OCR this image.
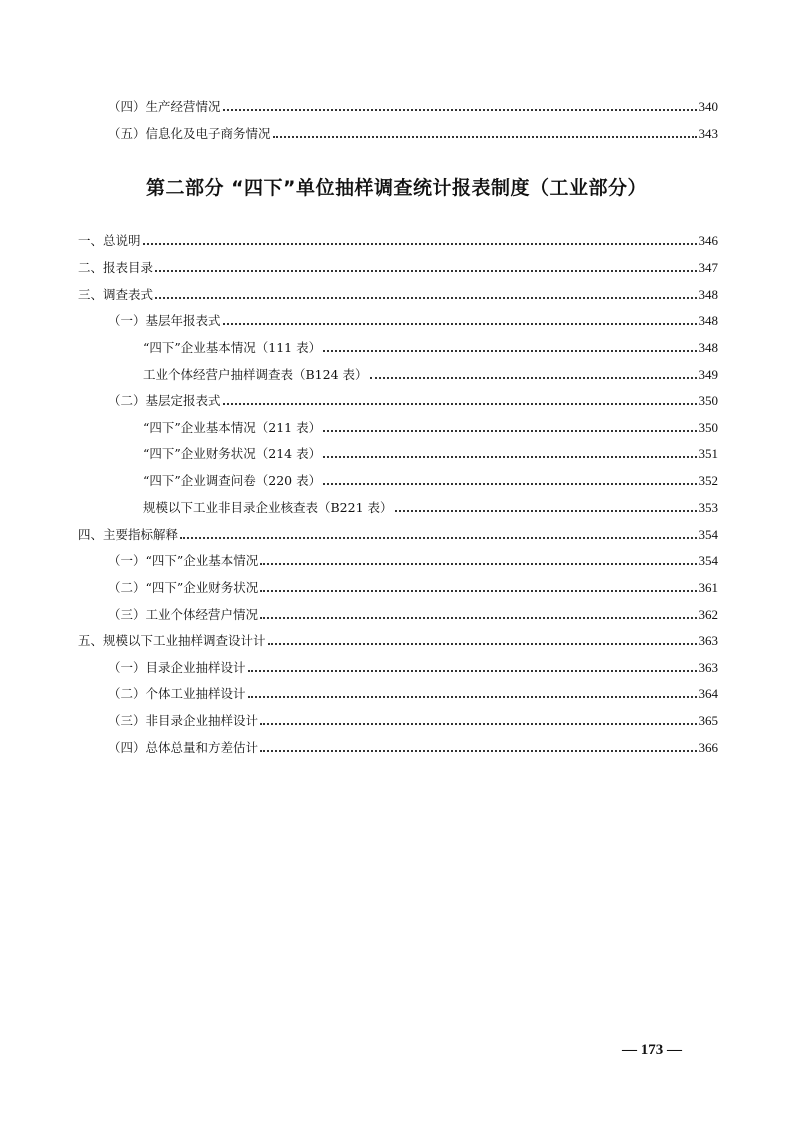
（四）生产经营情况	340
（五）信息化及电子商务情况	343
第二部分 “四下”单位抽样调查统计报表制度（工业部分）
一、总说明	346
二、报表目录	347
三、调查表式	348
（一）基层年报表式	348
“四下”企业基本情况（111 表）	348
工业个体经营户抽样调查表（B124 表）	349
（二）基层定报表式	350
“四下”企业基本情况（211 表）	350
“四下”企业财务状况（214 表）	351
“四下”企业调查问卷（220 表）	352
规模以下工业非目录企业核查表（B221 表）	353
四、主要指标解释	354
（一）“四下”企业基本情况	354
（二）“四下”企业财务状况	361
（三）工业个体经营户情况	362
五、规模以下工业抽样调查设计计	363
（一）目录企业抽样设计	363
（二）个体工业抽样设计	364
（三）非目录企业抽样设计	365
（四）总体总量和方差估计	366
— 173 —
